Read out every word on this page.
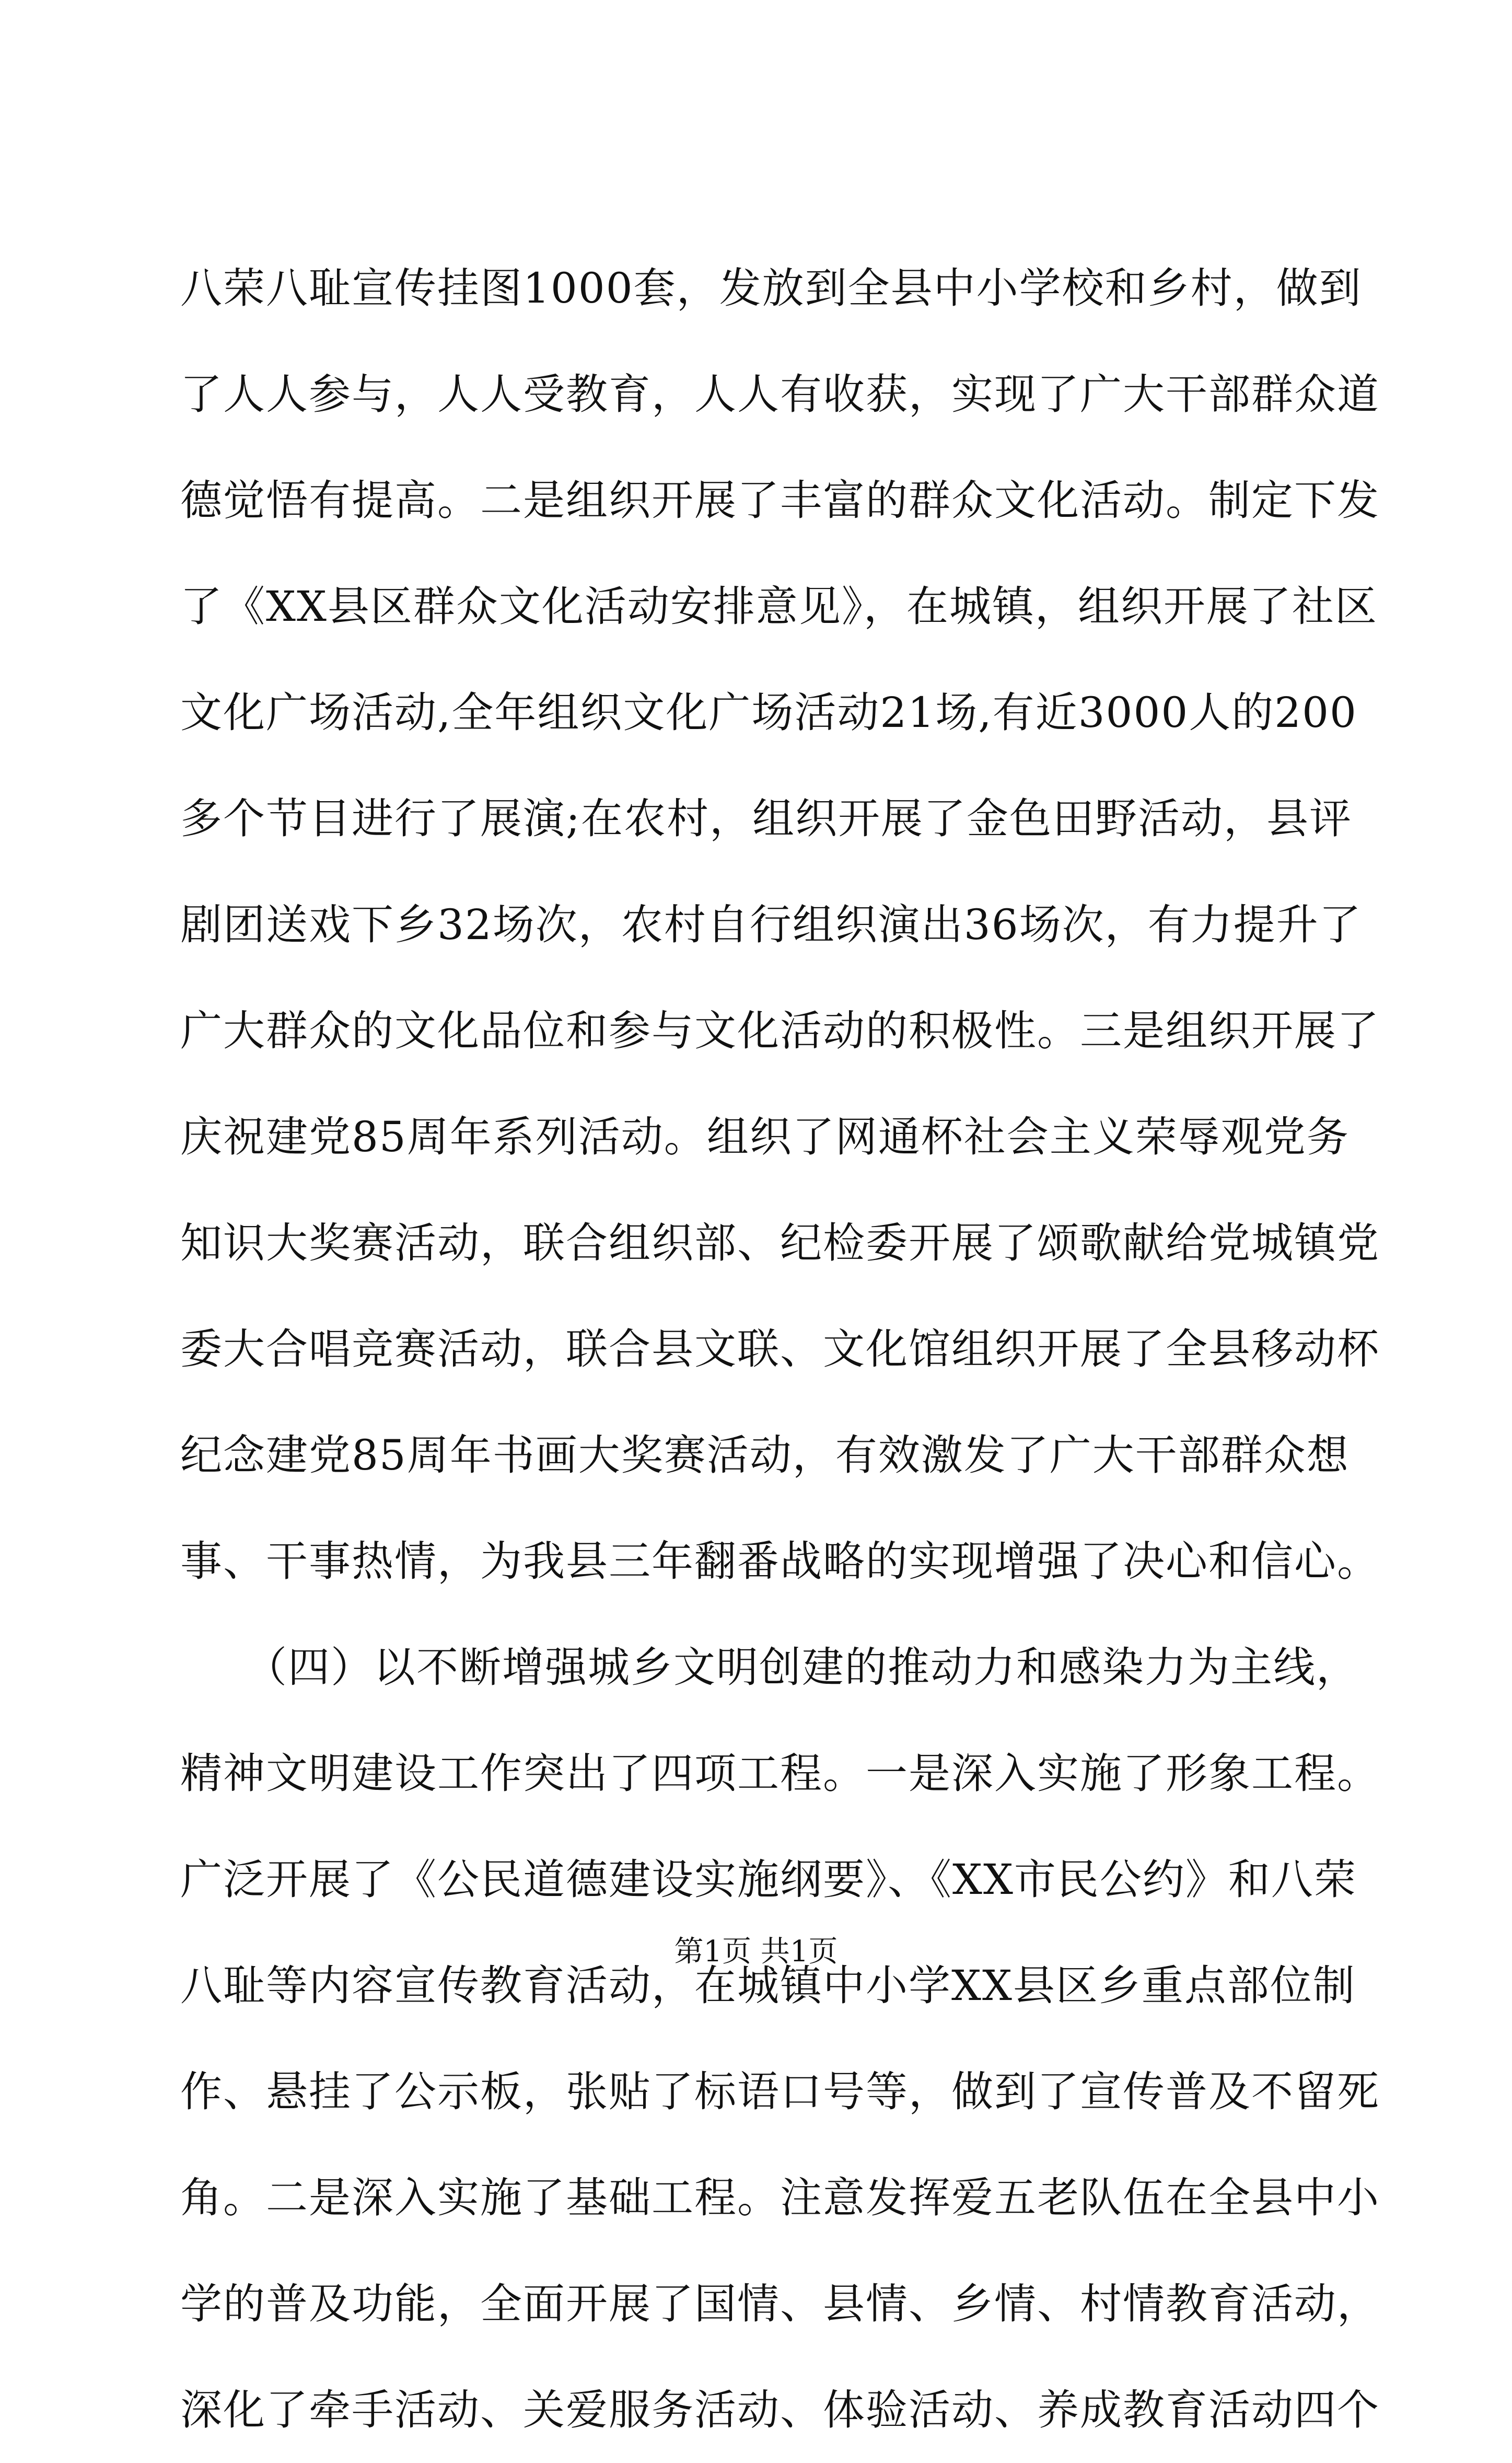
八荣八耻宣传挂图1000套，发放到全县中小学校和乡村，做到
了人人参与，人人受教育，人人有收获，实现了广大干部群众道
德觉悟有提高。二是组织开展了丰富的群众文化活动。制定下发
了《XX县区群众文化活动安排意见》，在城镇，组织开展了社区
文化广场活动,全年组织文化广场活动21场,有近3000人的200
多个节目进行了展演;在农村，组织开展了金色田野活动，县评
剧团送戏下乡32场次，农村自行组织演出36场次，有力提升了
广大群众的文化品位和参与文化活动的积极性。三是组织开展了
庆祝建党85周年系列活动。组织了网通杯社会主义荣辱观党务
知识大奖赛活动，联合组织部、纪检委开展了颂歌献给党城镇党
委大合唱竞赛活动，联合县文联、文化馆组织开展了全县移动杯
纪念建党85周年书画大奖赛活动，有效激发了广大干部群众想
事、干事热情，为我县三年翻番战略的实现增强了决心和信心。
　　（四）以不断增强城乡文明创建的推动力和感染力为主线，
精神文明建设工作突出了四项工程。一是深入实施了形象工程。
广泛开展了《公民道德建设实施纲要》、《XX市民公约》和八荣
八耻等内容宣传教育活动，在城镇中小学XX县区乡重点部位制
作、悬挂了公示板，张贴了标语口号等，做到了宣传普及不留死
角。二是深入实施了基础工程。注意发挥爱五老队伍在全县中小
学的普及功能，全面开展了国情、县情、乡情、村情教育活动，
深化了牵手活动、关爱服务活动、体验活动、养成教育活动四个
第1页 共1页
